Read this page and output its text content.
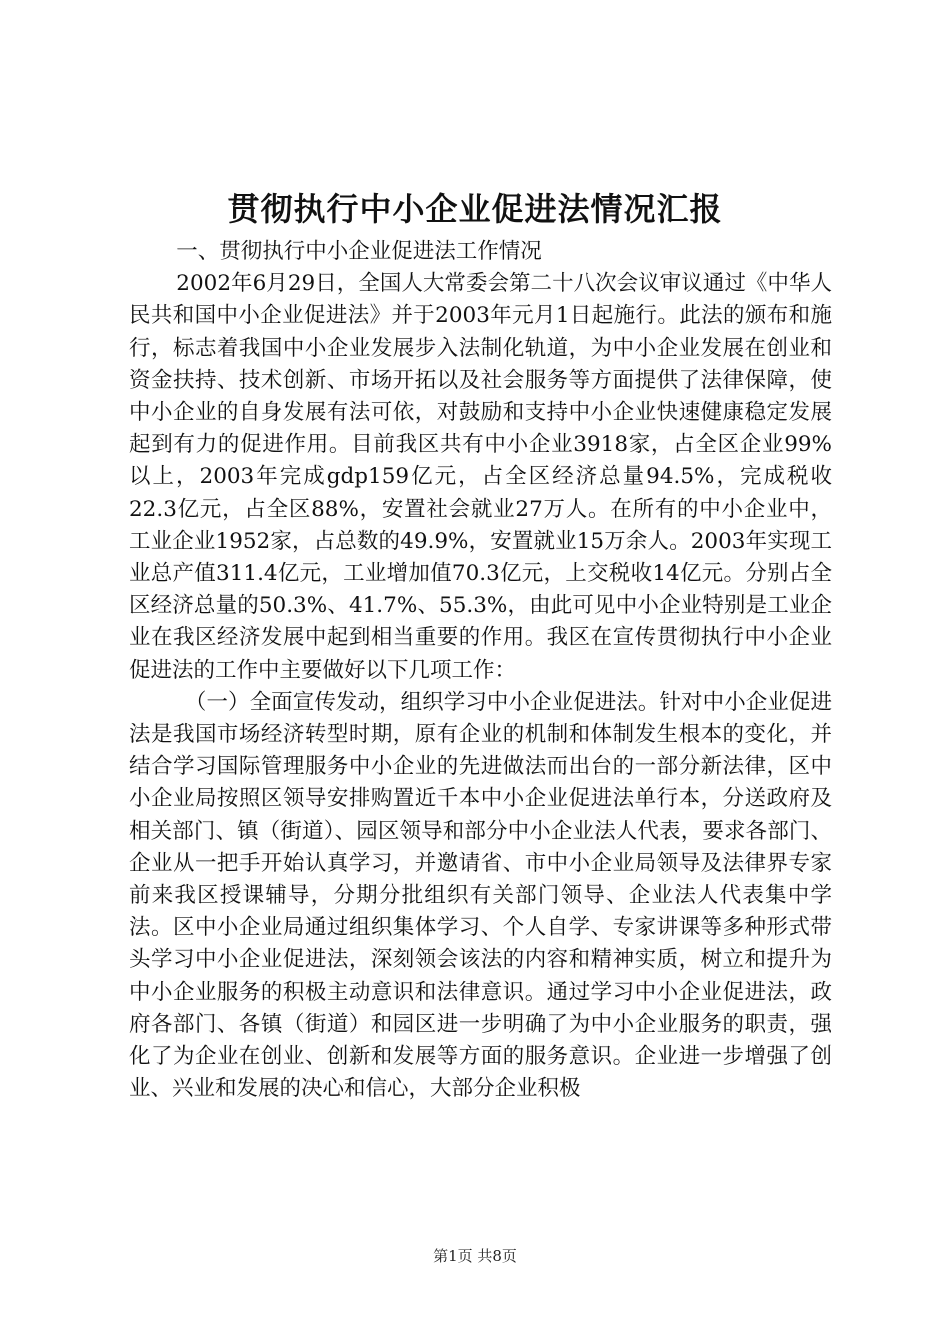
贯彻执行中小企业促进法情况汇报

一、贯彻执行中小企业促进法工作情况

2002年6月29日，全国人大常委会第二十八次会议审议通过《中华人民共和国中小企业促进法》并于2003年元月1日起施行。此法的颁布和施行，标志着我国中小企业发展步入法制化轨道，为中小企业发展在创业和资金扶持、技术创新、市场开拓以及社会服务等方面提供了法律保障，使中小企业的自身发展有法可依，对鼓励和支持中小企业快速健康稳定发展起到有力的促进作用。目前我区共有中小企业3918家，占全区企业99%以上，2003年完成gdp159亿元，占全区经济总量94.5%，完成税收22.3亿元，占全区88%，安置社会就业27万人。在所有的中小企业中，工业企业1952家，占总数的49.9%，安置就业15万余人。2003年实现工业总产值311.4亿元，工业增加值70.3亿元，上交税收14亿元。分别占全区经济总量的50.3%、41.7%、55.3%，由此可见中小企业特别是工业企业在我区经济发展中起到相当重要的作用。我区在宣传贯彻执行中小企业促进法的工作中主要做好以下几项工作：

（一）全面宣传发动，组织学习中小企业促进法。针对中小企业促进法是我国市场经济转型时期，原有企业的机制和体制发生根本的变化，并结合学习国际管理服务中小企业的先进做法而出台的一部分新法律，区中小企业局按照区领导安排购置近千本中小企业促进法单行本，分送政府及相关部门、镇（街道）、园区领导和部分中小企业法人代表，要求各部门、企业从一把手开始认真学习，并邀请省、市中小企业局领导及法律界专家前来我区授课辅导，分期分批组织有关部门领导、企业法人代表集中学法。区中小企业局通过组织集体学习、个人自学、专家讲课等多种形式带头学习中小企业促进法，深刻领会该法的内容和精神实质，树立和提升为中小企业服务的积极主动意识和法律意识。通过学习中小企业促进法，政府各部门、各镇（街道）和园区进一步明确了为中小企业服务的职责，强化了为企业在创业、创新和发展等方面的服务意识。企业进一步增强了创业、兴业和发展的决心和信心，大部分企业积极

第1页 共8页
